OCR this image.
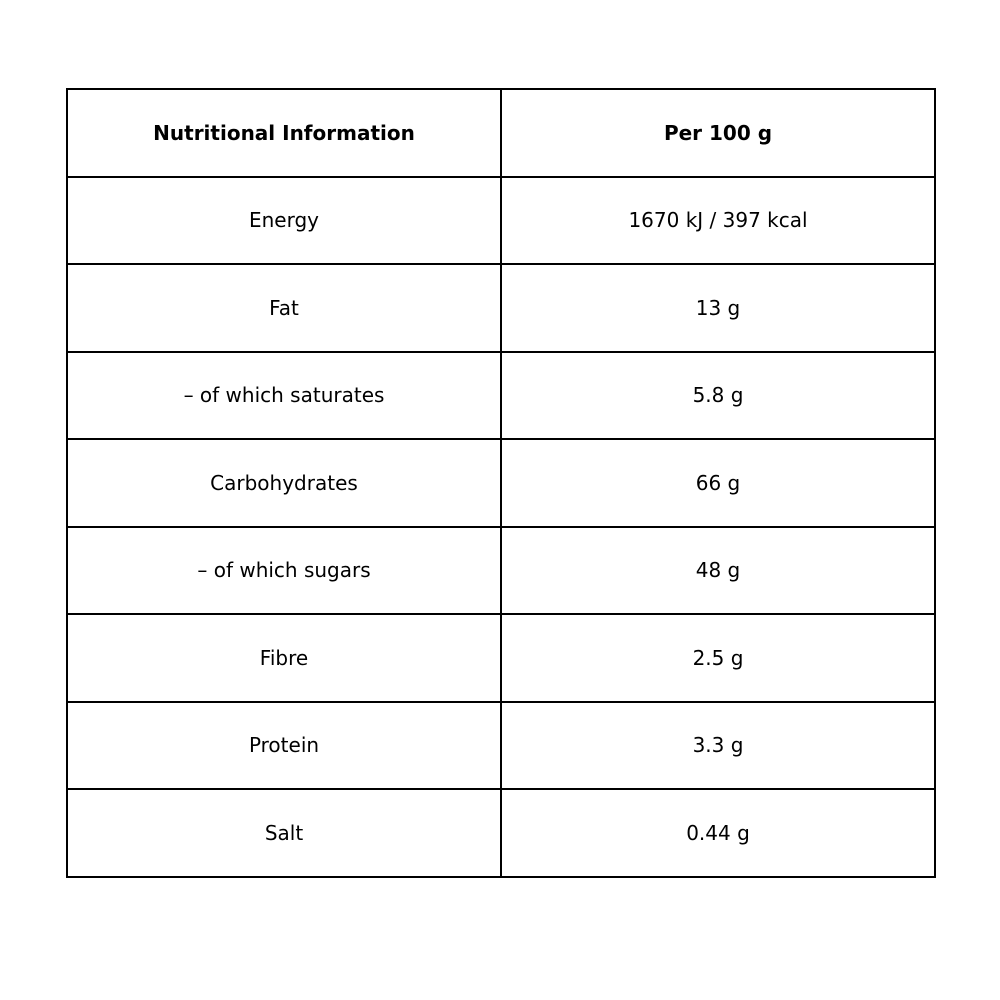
Nutritional Information	Per 100 g
Energy	1670 kJ / 397 kcal
Fat	13 g
– of which saturates	5.8 g
Carbohydrates	66 g
– of which sugars	48 g
Fibre	2.5 g
Protein	3.3 g
Salt	0.44 g
